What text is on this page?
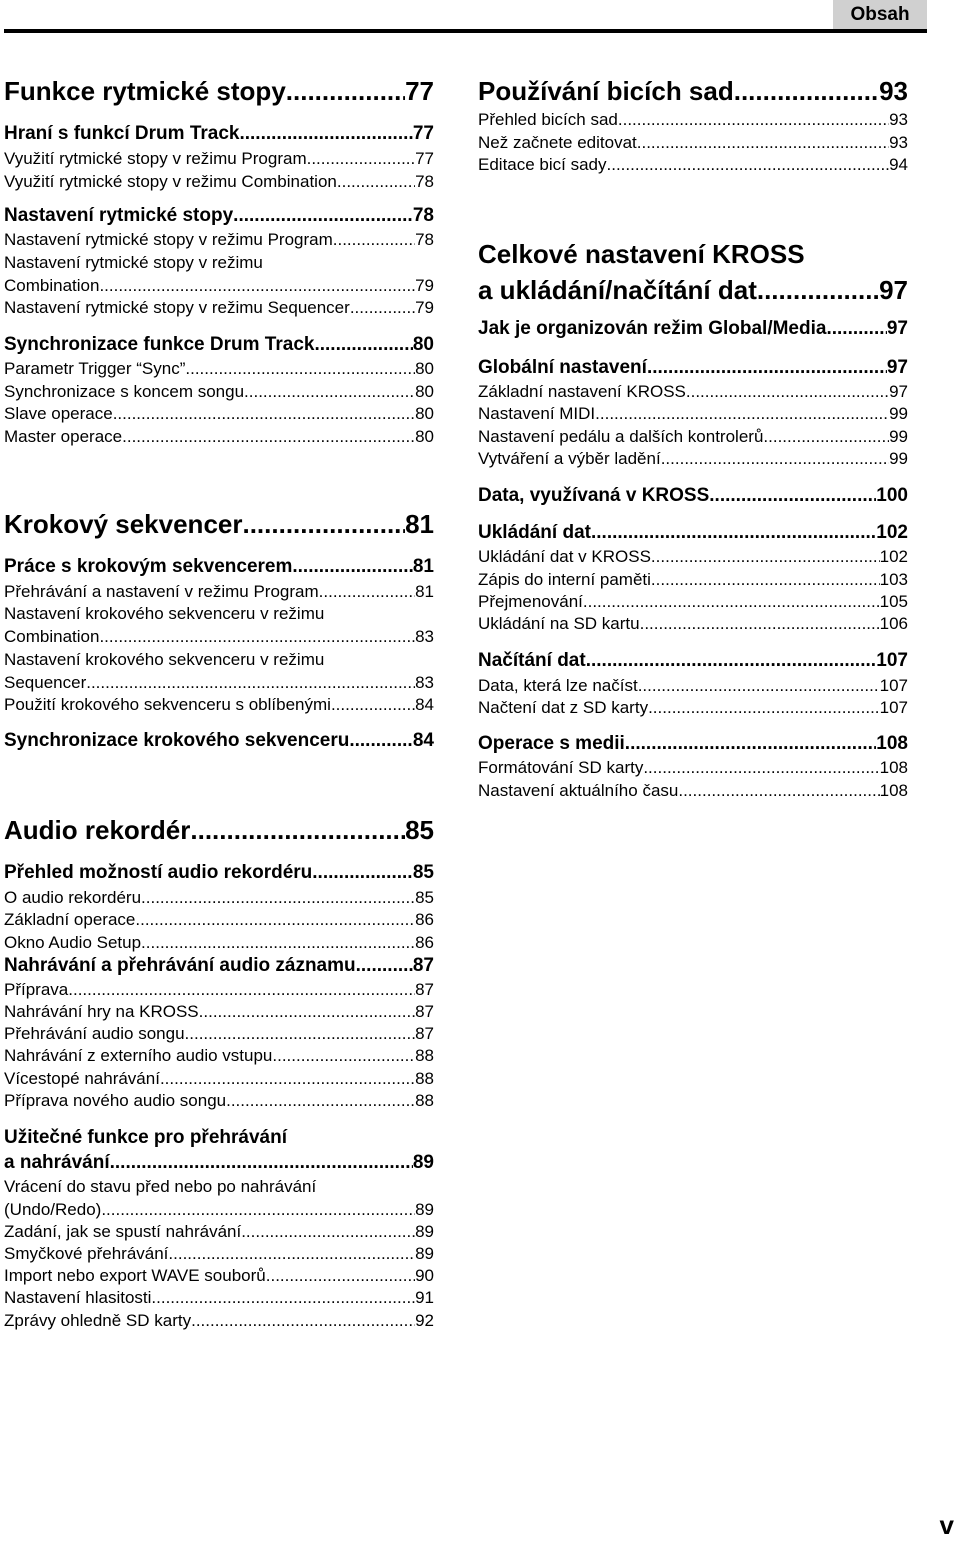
Obsah
Funkce rytmické stopy .....	77
Hraní s funkcí Drum Track .....	77
Využití rytmické stopy v režimu Program .....	77
Využití rytmické stopy v režimu Combination .....	78
Nastavení rytmické stopy .....	78
Nastavení rytmické stopy v režimu Program .....	78
Nastavení rytmické stopy v režimu
Combination .....	79
Nastavení rytmické stopy v režimu Sequencer .....	79
Synchronizace funkce Drum Track .....	80
Parametr Trigger “Sync” .....	80
Synchronizace s koncem songu .....	80
Slave operace .....	80
Master operace .....	80
Krokový sekvencer .....	81
Práce s krokovým sekvencerem .....	81
Přehrávání a nastavení v režimu Program .....	81
Nastavení krokového sekvenceru v režimu
Combination .....	83
Nastavení krokového sekvenceru v režimu
Sequencer .....	83
Použití krokového sekvenceru s oblíbenými .....	84
Synchronizace krokového sekvenceru. .....	84
Audio rekordér .....	85
Přehled možností audio rekordéru .....	85
O audio rekordéru .....	85
Základní operace .....	86
Okno Audio Setup .....	86
Nahrávání a přehrávání audio záznamu .....	87
Příprava .....	87
Nahrávání hry na KROSS .....	87
Přehrávání audio songu .....	87
Nahrávání z externího audio vstupu .....	88
Vícestopé nahrávání .....	88
Příprava nového audio songu .....	88
Užitečné funkce pro přehrávání
a nahrávání .....	89
Vrácení do stavu před nebo po nahrávání
(Undo/Redo) .....	89
Zadání, jak se spustí nahrávání .....	89
Smyčkové přehrávání .....	89
Import nebo export WAVE souborů .....	90
Nastavení hlasitosti .....	91
Zprávy ohledně SD karty .....	92
Používání bicích sad .....	93
Přehled bicích sad .....	93
Než začnete editovat .....	93
Editace bicí sady .....	94
Celkové nastavení KROSS
a ukládání/načítání dat .....	97
Jak je organizován režim Global/Media .....	97
Globální nastavení .....	97
Základní nastavení KROSS .....	97
Nastavení MIDI .....	99
Nastavení pedálu a dalších kontrolerů .....	99
Vytváření a výběr ladění .....	99
Data, využívaná v KROSS .....	100
Ukládání dat .....	102
Ukládání dat v KROSS .....	102
Zápis do interní paměti .....	103
Přejmenování .....	105
Ukládání na SD kartu .....	106
Načítání dat .....	107
Data, která lze načíst .....	107
Načtení dat z SD karty .....	107
Operace s medii .....	108
Formátování SD karty .....	108
Nastavení aktuálního času .....	108
v
